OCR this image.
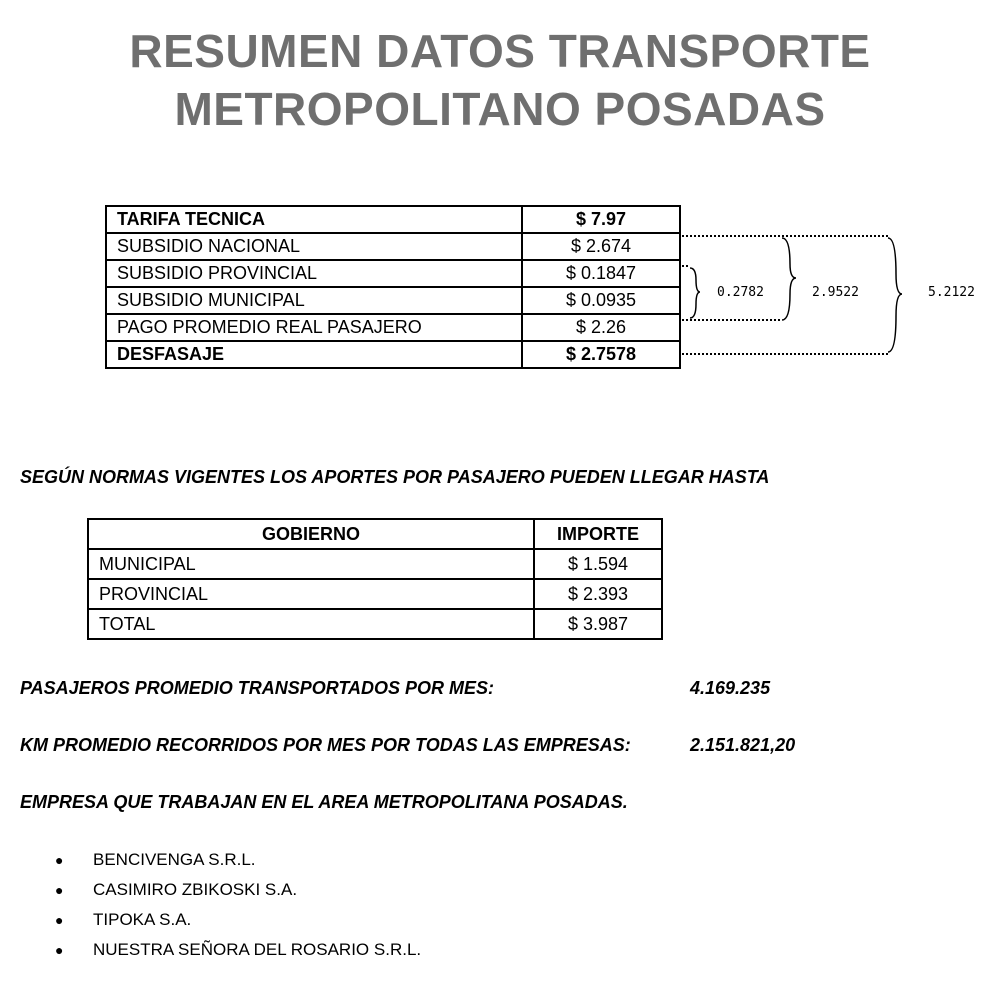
RESUMEN DATOS TRANSPORTE
METROPOLITANO POSADAS
TARIFA TECNICA	$ 7.97
SUBSIDIO NACIONAL	$ 2.674
SUBSIDIO PROVINCIAL	$ 0.1847
SUBSIDIO MUNICIPAL	$ 0.0935
PAGO PROMEDIO REAL PASAJERO	$ 2.26
DESFASAJE	$ 2.7578
0.2782	2.9522	5.2122
SEGÚN NORMAS VIGENTES LOS APORTES POR PASAJERO PUEDEN LLEGAR HASTA
GOBIERNO	IMPORTE
MUNICIPAL	$ 1.594
PROVINCIAL	$ 2.393
TOTAL	$ 3.987
PASAJEROS PROMEDIO TRANSPORTADOS POR MES:	4.169.235
KM PROMEDIO RECORRIDOS POR MES POR TODAS LAS EMPRESAS:	2.151.821,20
EMPRESA QUE TRABAJAN EN EL AREA METROPOLITANA POSADAS.
● BENCIVENGA S.R.L.
● CASIMIRO ZBIKOSKI S.A.
● TIPOKA S.A.
● NUESTRA SEÑORA DEL ROSARIO S.R.L.
